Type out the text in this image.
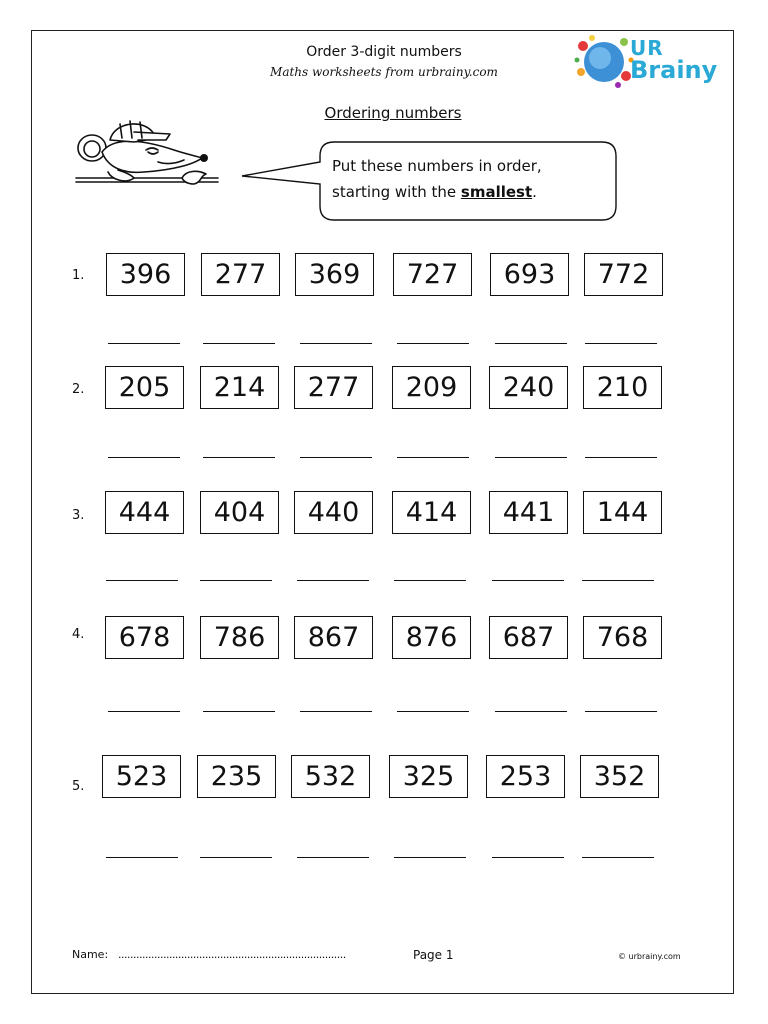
Order 3-digit numbers
Maths worksheets from urbrainy.com
UR
Brainy
Ordering numbers
Put these numbers in order,
starting with the smallest.
1.	396	277	369	727	693	772
2.	205	214	277	209	240	210
3.	444	404	440	414	441	144
4.	678	786	867	876	687	768
5.	523	235	532	325	253	352
Name: ............................................................................	Page 1	© urbrainy.com
